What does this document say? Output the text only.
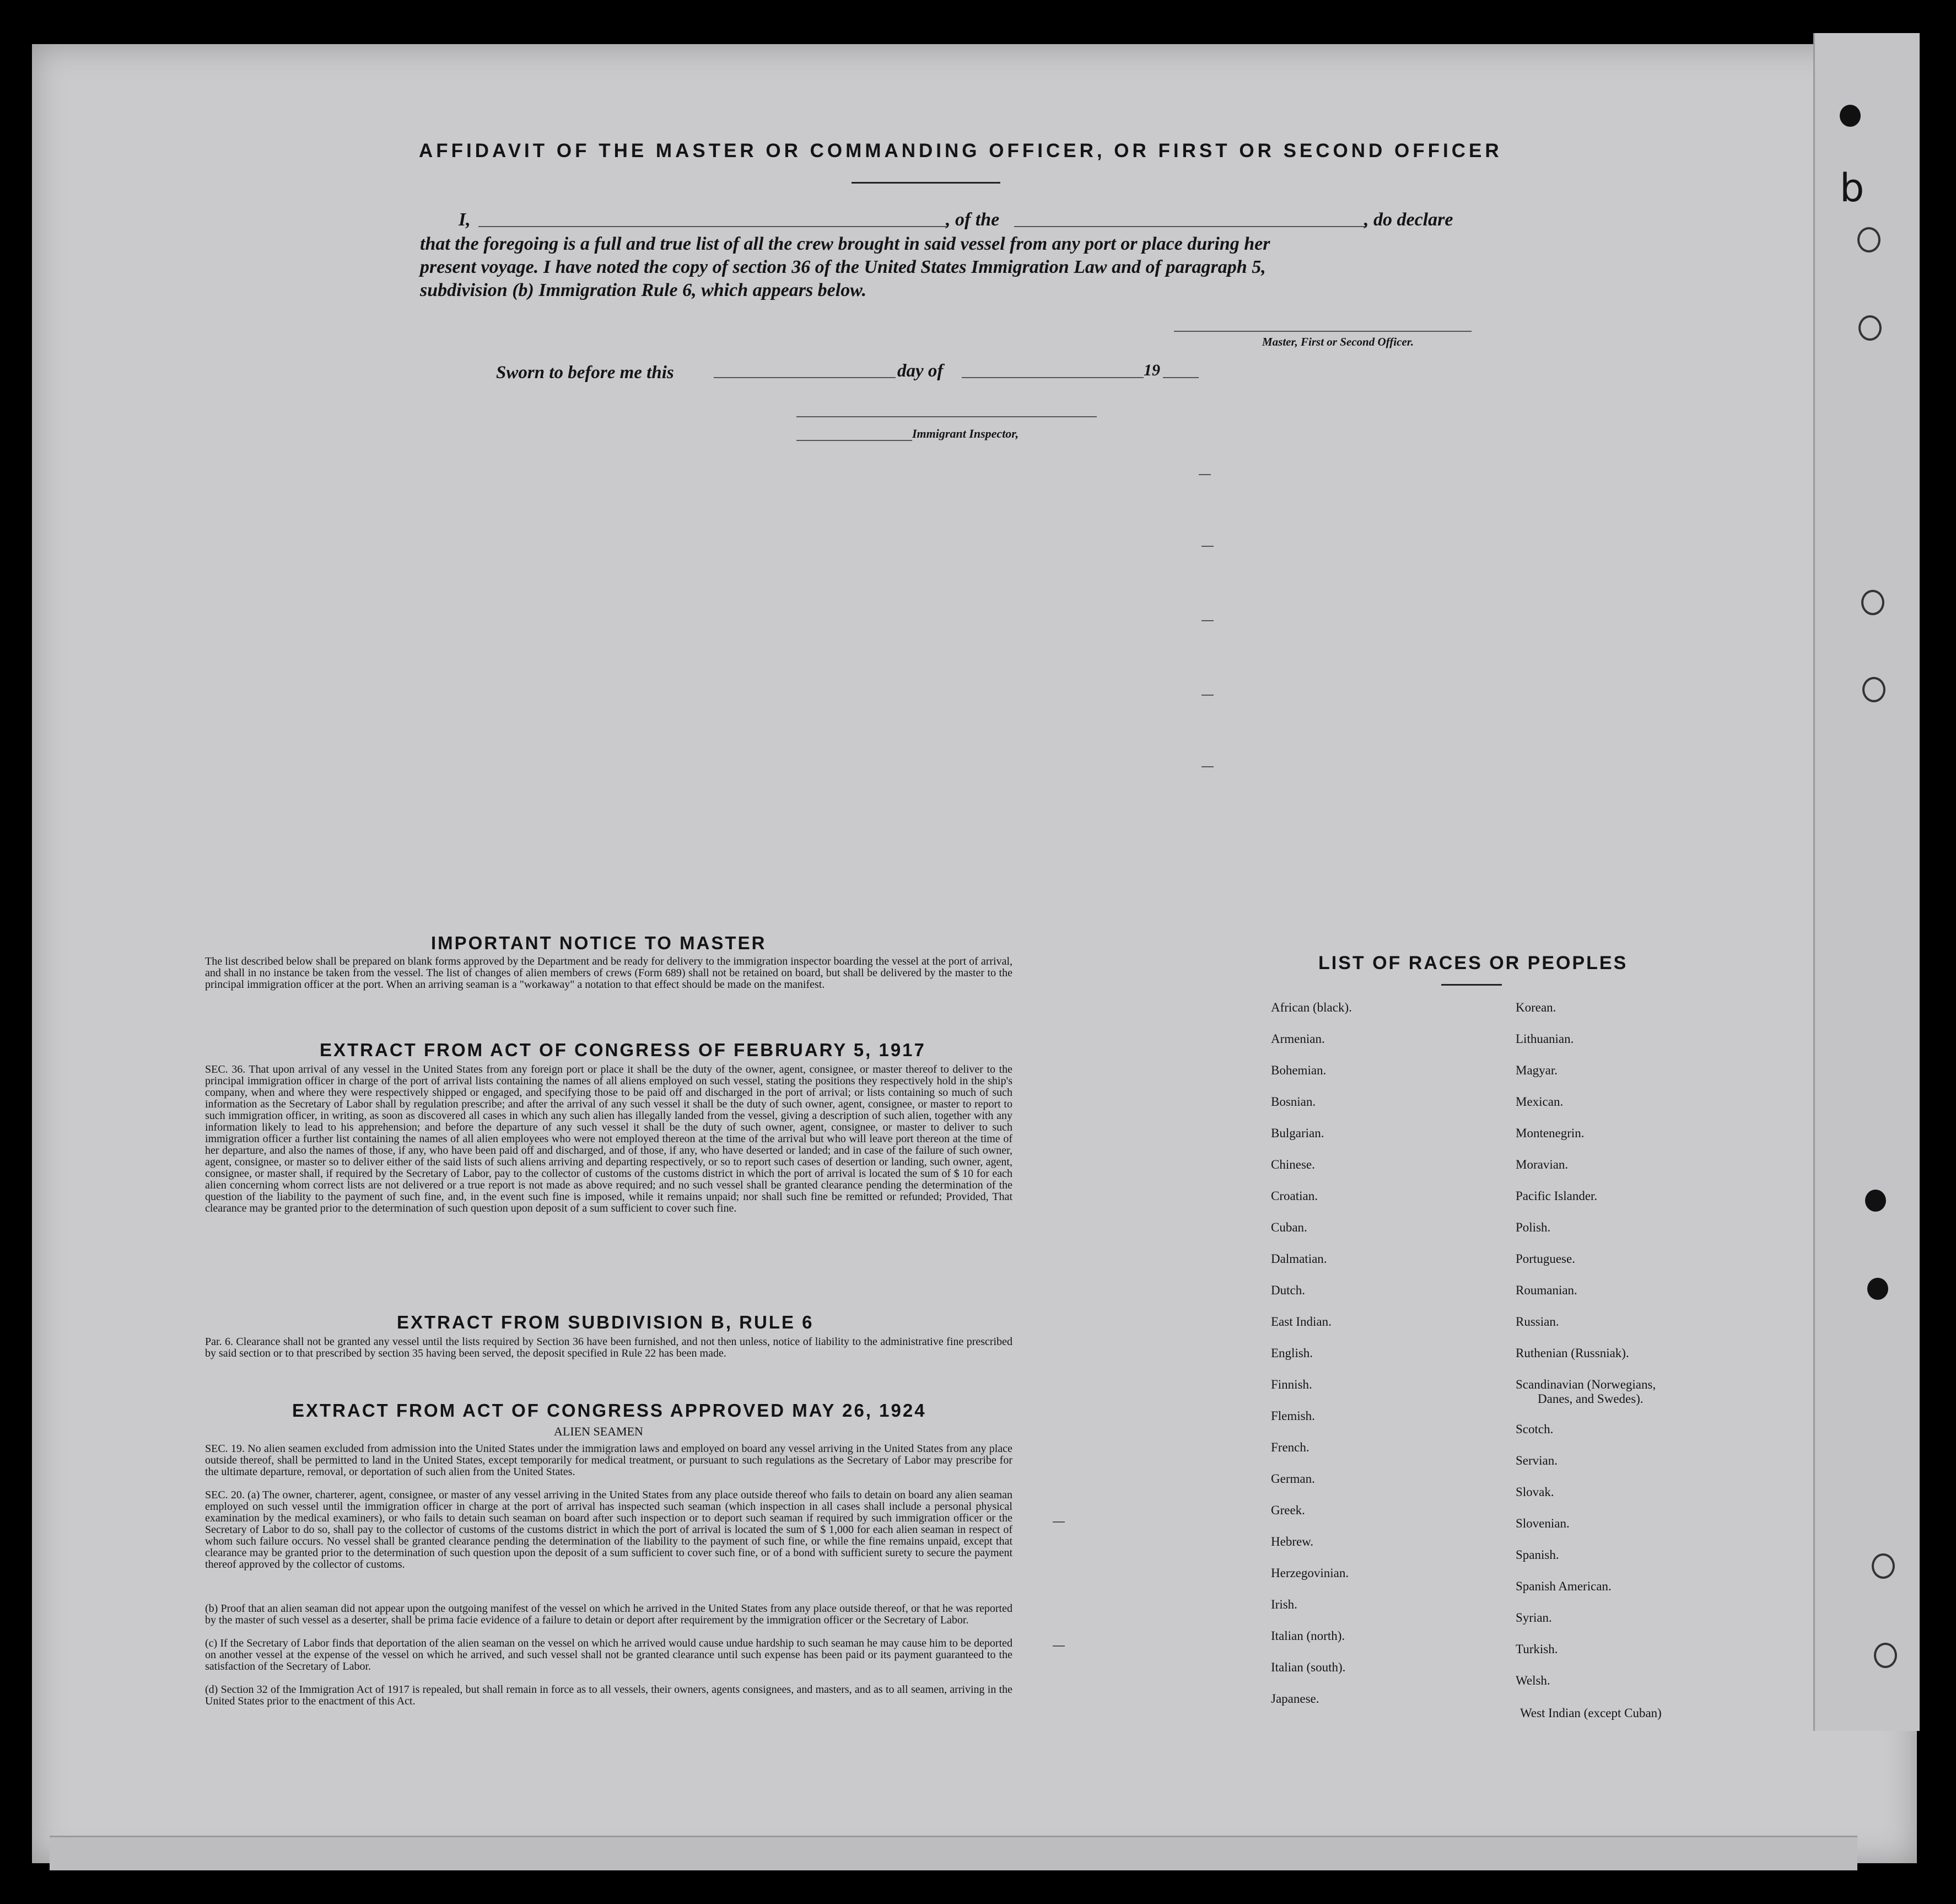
b
AFFIDAVIT OF THE MASTER OR COMMANDING OFFICER, OR FIRST OR SECOND OFFICER
I,	, of the	, do declare
that the foregoing is a full and true list of all the crew brought in said vessel from any port or place during her
present voyage. I have noted the copy of section 36 of the United States Immigration Law and of paragraph 5,
subdivision (b) Immigration Rule 6, which appears below.
Master, First or Second Officer.
Sworn to before me this	day of	19
Immigrant Inspector,
IMPORTANT NOTICE TO MASTER
The list described below shall be prepared on blank forms approved by the Department and be ready for delivery to the immigration inspector boarding the vessel at the port of arrival, and shall in no instance be taken from the vessel. The list of changes of alien members of crews (Form 689) shall not be retained on board, but shall be delivered by the master to the principal immigration officer at the port. When an arriving seaman is a "workaway" a notation to that effect should be made on the manifest.
EXTRACT FROM ACT OF CONGRESS OF FEBRUARY 5, 1917
SEC. 36. That upon arrival of any vessel in the United States from any foreign port or place it shall be the duty of the owner, agent, consignee, or master thereof to deliver to the principal immigration officer in charge of the port of arrival lists containing the names of all aliens employed on such vessel, stating the positions they respectively hold in the ship's company, when and where they were respectively shipped or engaged, and specifying those to be paid off and discharged in the port of arrival; or lists containing so much of such information as the Secretary of Labor shall by regulation prescribe; and after the arrival of any such vessel it shall be the duty of such owner, agent, consignee, or master to report to such immigration officer, in writing, as soon as discovered all cases in which any such alien has illegally landed from the vessel, giving a description of such alien, together with any information likely to lead to his apprehension; and before the departure of any such vessel it shall be the duty of such owner, agent, consignee, or master to deliver to such immigration officer a further list containing the names of all alien employees who were not employed thereon at the time of the arrival but who will leave port thereon at the time of her departure, and also the names of those, if any, who have been paid off and discharged, and of those, if any, who have deserted or landed; and in case of the failure of such owner, agent, consignee, or master so to deliver either of the said lists of such aliens arriving and departing respectively, or so to report such cases of desertion or landing, such owner, agent, consignee, or master shall, if required by the Secretary of Labor, pay to the collector of customs of the customs district in which the port of arrival is located the sum of $ 10 for each alien concerning whom correct lists are not delivered or a true report is not made as above required; and no such vessel shall be granted clearance pending the determination of the question of the liability to the payment of such fine, and, in the event such fine is imposed, while it remains unpaid; nor shall such fine be remitted or refunded; Provided, That clearance may be granted prior to the determination of such question upon deposit of a sum sufficient to cover such fine.
EXTRACT FROM SUBDIVISION B, RULE 6
Par. 6. Clearance shall not be granted any vessel until the lists required by Section 36 have been furnished, and not then unless, notice of liability to the administrative fine prescribed by said section or to that prescribed by section 35 having been served, the deposit specified in Rule 22 has been made.
EXTRACT FROM ACT OF CONGRESS APPROVED MAY 26, 1924
ALIEN SEAMEN
SEC. 19. No alien seamen excluded from admission into the United States under the immigration laws and employed on board any vessel arriving in the United States from any place outside thereof, shall be permitted to land in the United States, except temporarily for medical treatment, or pursuant to such regulations as the Secretary of Labor may prescribe for the ultimate departure, removal, or deportation of such alien from the United States.
SEC. 20. (a) The owner, charterer, agent, consignee, or master of any vessel arriving in the United States from any place outside thereof who fails to detain on board any alien seaman employed on such vessel until the immigration officer in charge at the port of arrival has inspected such seaman (which inspection in all cases shall include a personal physical examination by the medical examiners), or who fails to detain such seaman on board after such inspection or to deport such seaman if required by such immigration officer or the Secretary of Labor to do so, shall pay to the collector of customs of the customs district in which the port of arrival is located the sum of $ 1,000 for each alien seaman in respect of whom such failure occurs. No vessel shall be granted clearance pending the determination of the liability to the payment of such fine, or while the fine remains unpaid, except that clearance may be granted prior to the determination of such question upon the deposit of a sum sufficient to cover such fine, or of a bond with sufficient surety to secure the payment thereof approved by the collector of customs.
(b) Proof that an alien seaman did not appear upon the outgoing manifest of the vessel on which he arrived in the United States from any place outside thereof, or that he was reported by the master of such vessel as a deserter, shall be prima facie evidence of a failure to detain or deport after requirement by the immigration officer or the Secretary of Labor.
(c) If the Secretary of Labor finds that deportation of the alien seaman on the vessel on which he arrived would cause undue hardship to such seaman he may cause him to be deported on another vessel at the expense of the vessel on which he arrived, and such vessel shall not be granted clearance until such expense has been paid or its payment guaranteed to the satisfaction of the Secretary of Labor.
(d) Section 32 of the Immigration Act of 1917 is repealed, but shall remain in force as to all vessels, their owners, agents consignees, and masters, and as to all seamen, arriving in the United States prior to the enactment of this Act.
LIST OF RACES OR PEOPLES
African (black).
Armenian.
Bohemian.
Bosnian.
Bulgarian.
Chinese.
Croatian.
Cuban.
Dalmatian.
Dutch.
East Indian.
English.
Finnish.
Flemish.
French.
German.
Greek.
Hebrew.
Herzegovinian.
Irish.
Italian (north).
Italian (south).
Japanese.
Korean.
Lithuanian.
Magyar.
Mexican.
Montenegrin.
Moravian.
Pacific Islander.
Polish.
Portuguese.
Roumanian.
Russian.
Ruthenian (Russniak).
Scandinavian (Norwegians,
Danes, and Swedes).
Scotch.
Servian.
Slovak.
Slovenian.
Spanish.
Spanish American.
Syrian.
Turkish.
Welsh.
West Indian (except Cuban)
